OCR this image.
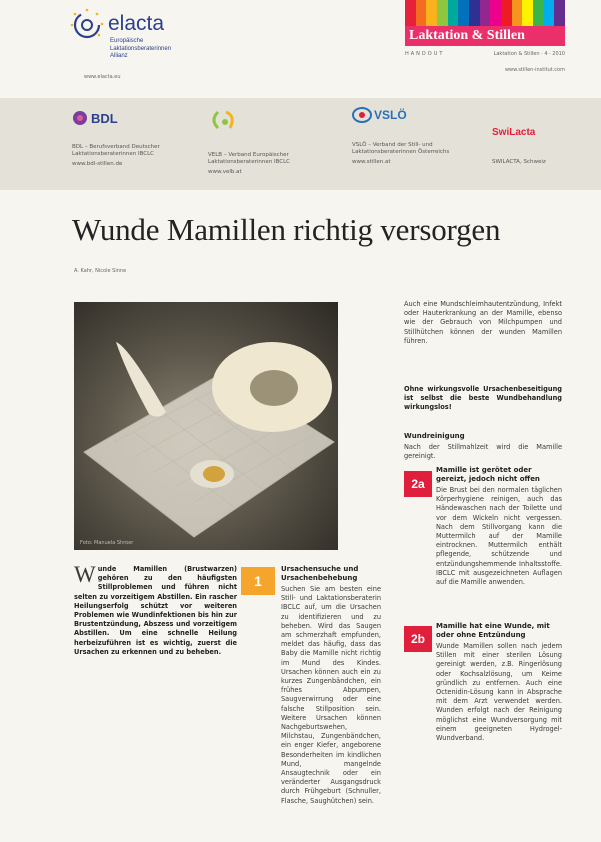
elacta
Europäische
Laktationsberaterinnen
Allianz
www.elacta.eu
Laktation & Stillen
HANDOUT	Laktation & Stillen · 4 · 2010
www.stillen-institut.com
BDL
BDL – Berufsverband Deutscher Laktationsberaterinnen IBCLC
www.bdl-stillen.de
VELB – Verband Europäischer Laktationsberaterinnen IBCLC
www.velb.at
VSLÖ
VSLÖ – Verband der Still- und Laktationsberaterinnen Österreichs
www.stillen.at
SwiLacta
SWILACTA, Schweiz
Wunde Mamillen richtig versorgen
A. Kahr, Nicole Sinne
Foto: Manuela Shroer
W unde Mamillen (Brustwarzen) gehören zu den häufigsten Stillproblemen und führen nicht selten zu vorzeitigem Abstillen. Ein rascher Heilungserfolg schützt vor weiteren Problemen wie Wundinfektionen bis hin zur Brustentzündung, Abszess und vorzeitigem Abstillen. Um eine schnelle Heilung herbeizuführen ist es wichtig, zuerst die Ursachen zu erkennen und zu beheben.
1
Ursachensuche und Ursachenbehebung
Suchen Sie am besten eine Still- und Laktationsberaterin IBCLC auf, um die Ursachen zu identifizieren und zu beheben. Wird das Saugen am schmerzhaft empfunden, meldet das häufig, dass das Baby die Mamille nicht richtig im Mund des Kindes. Ursachen können auch ein zu kurzes Zungenbändchen, ein frühes Abpumpen, Saugverwirrung oder eine falsche Stillposition sein. Weitere Ursachen können Nachgeburtswehen, Milchstau, Zungenbändchen, ein enger Kiefer, angeborene Besonderheiten im kindlichen Mund, mangelnde Ansaugtechnik oder ein veränderter Ausgangsdruck durch Frühgeburt (Schnuller, Flasche, Saughütchen) sein.
Auch eine Mundschleimhautentzündung, Infekt oder Hauterkrankung an der Mamille, ebenso wie der Gebrauch von Milchpumpen und Stillhütchen können der wunden Mamillen führen.
Ohne wirkungsvolle Ursachenbeseitigung ist selbst die beste Wundbehandlung wirkungslos!
Wundreinigung
Nach der Stillmahlzeit wird die Mamille gereinigt.
2a
Mamille ist gerötet oder gereizt, jedoch nicht offen
Die Brust bei den normalen täglichen Körperhygiene reinigen, auch das Händewaschen nach der Toilette und vor dem Wickeln nicht vergessen. Nach dem Stillvorgang kann die Muttermilch auf der Mamille eintrocknen. Muttermilch enthält pflegende, schützende und entzündungshemmende Inhaltsstoffe. IBCLC mit ausgezeichneten Auflagen auf die Mamille anwenden.
2b
Mamille hat eine Wunde, mit oder ohne Entzündung
Wunde Mamillen sollen nach jedem Stillen mit einer sterilen Lösung gereinigt werden, z.B. Ringerlösung oder Kochsalzlösung, um Keime gründlich zu entfernen. Auch eine Octenidin-Lösung kann in Absprache mit dem Arzt verwendet werden. Wunden erfolgt nach der Reinigung möglichst eine Wundversorgung mit einem geeigneten Hydrogel-Wundverband.
